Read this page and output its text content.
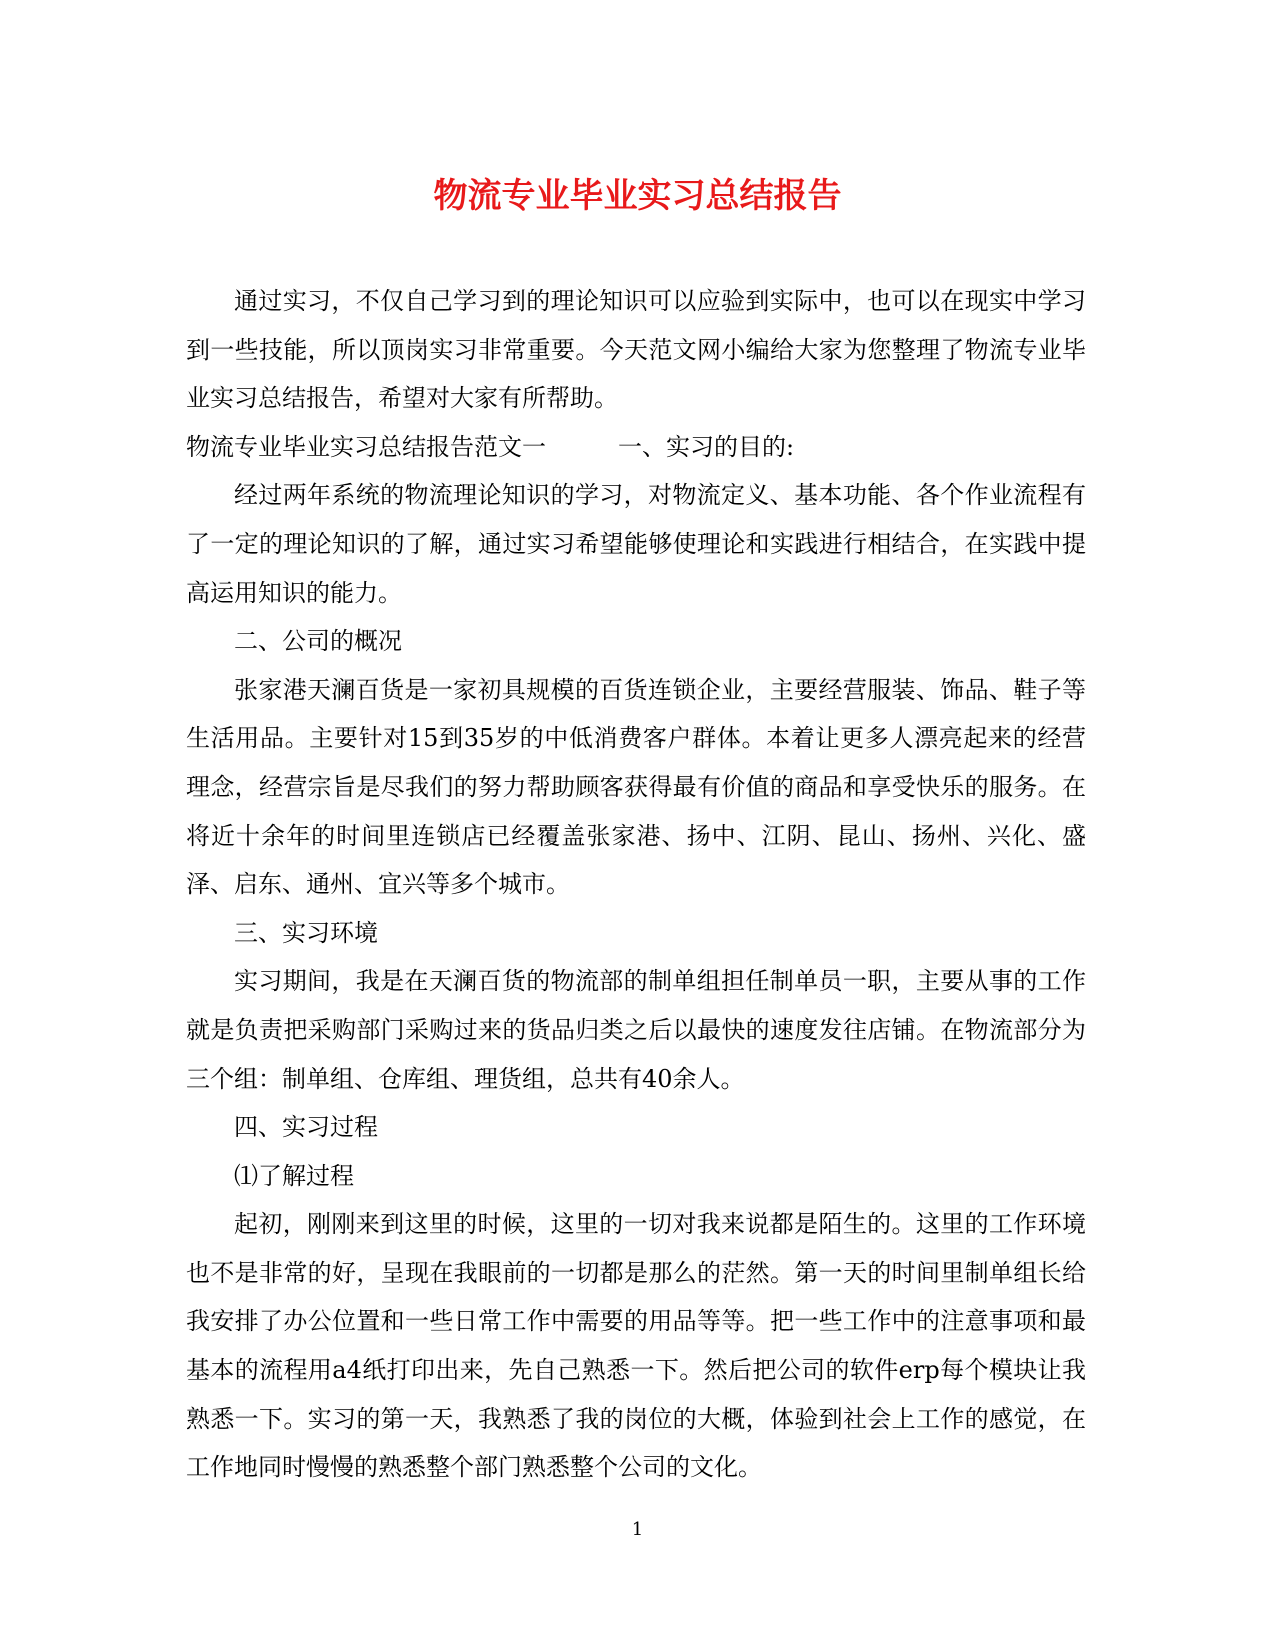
物流专业毕业实习总结报告

通过实习，不仅自己学习到的理论知识可以应验到实际中，也可以在现实中学习到一些技能，所以顶岗实习非常重要。今天范文网小编给大家为您整理了物流专业毕业实习总结报告，希望对大家有所帮助。

物流专业毕业实习总结报告范文一　　　一、实习的目的:

经过两年系统的物流理论知识的学习，对物流定义、基本功能、各个作业流程有了一定的理论知识的了解，通过实习希望能够使理论和实践进行相结合，在实践中提高运用知识的能力。

二、公司的概况

张家港天澜百货是一家初具规模的百货连锁企业，主要经营服装、饰品、鞋子等生活用品。主要针对15到35岁的中低消费客户群体。本着让更多人漂亮起来的经营理念，经营宗旨是尽我们的努力帮助顾客获得最有价值的商品和享受快乐的服务。在将近十余年的时间里连锁店已经覆盖张家港、扬中、江阴、昆山、扬州、兴化、盛泽、启东、通州、宜兴等多个城市。

三、实习环境

实习期间，我是在天澜百货的物流部的制单组担任制单员一职，主要从事的工作就是负责把采购部门采购过来的货品归类之后以最快的速度发往店铺。在物流部分为三个组：制单组、仓库组、理货组，总共有40余人。

四、实习过程

⑴了解过程

起初，刚刚来到这里的时候，这里的一切对我来说都是陌生的。这里的工作环境也不是非常的好，呈现在我眼前的一切都是那么的茫然。第一天的时间里制单组长给我安排了办公位置和一些日常工作中需要的用品等等。把一些工作中的注意事项和最基本的流程用a4纸打印出来，先自己熟悉一下。然后把公司的软件erp每个模块让我熟悉一下。实习的第一天，我熟悉了我的岗位的大概，体验到社会上工作的感觉，在工作地同时慢慢的熟悉整个部门熟悉整个公司的文化。

1
